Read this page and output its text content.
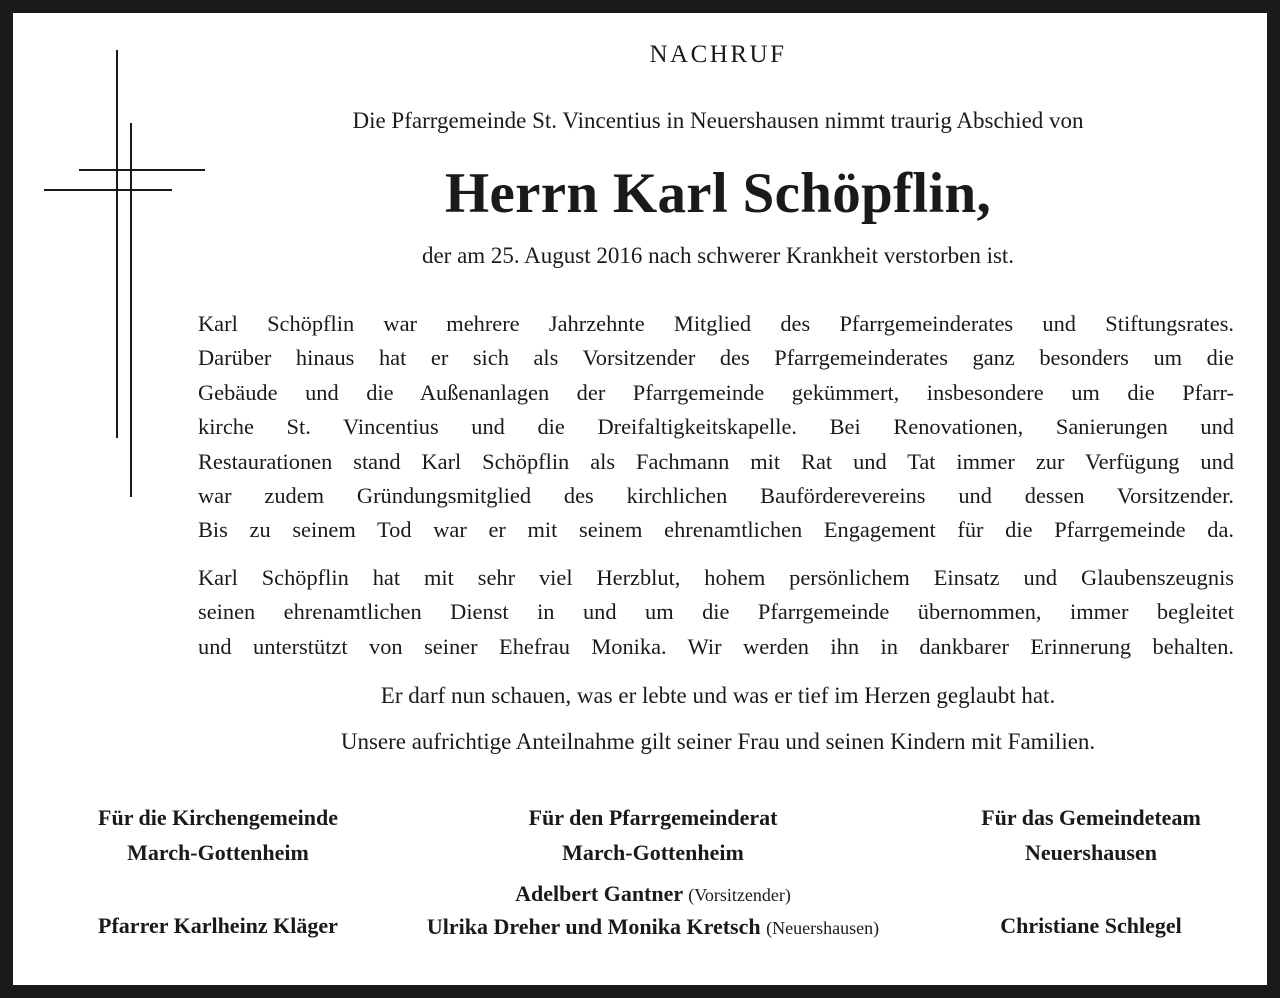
NACHRUF
Die Pfarrgemeinde St. Vincentius in Neuershausen nimmt traurig Abschied von
Herrn Karl Schöpflin,
der am 25. August 2016 nach schwerer Krankheit verstorben ist.
Karl Schöpflin war mehrere Jahrzehnte Mitglied des Pfarrgemeinderates und Stiftungsrates.
Darüber hinaus hat er sich als Vorsitzender des Pfarrgemeinderates ganz besonders um die
Gebäude und die Außenanlagen der Pfarrgemeinde gekümmert, insbesondere um die Pfarr-
kirche St. Vincentius und die Dreifaltigkeitskapelle. Bei Renovationen, Sanierungen und
Restaurationen stand Karl Schöpflin als Fachmann mit Rat und Tat immer zur Verfügung und
war zudem Gründungsmitglied des kirchlichen Bauförderevereins und dessen Vorsitzender.
Bis zu seinem Tod war er mit seinem ehrenamtlichen Engagement für die Pfarrgemeinde da.
Karl Schöpflin hat mit sehr viel Herzblut, hohem persönlichem Einsatz und Glaubenszeugnis
seinen ehrenamtlichen Dienst in und um die Pfarrgemeinde übernommen, immer begleitet
und unterstützt von seiner Ehefrau Monika. Wir werden ihn in dankbarer Erinnerung behalten.
Er darf nun schauen, was er lebte und was er tief im Herzen geglaubt hat.
Unsere aufrichtige Anteilnahme gilt seiner Frau und seinen Kindern mit Familien.
Für die Kirchengemeinde
March-Gottenheim
Für den Pfarrgemeinderat
March-Gottenheim
Für das Gemeindeteam
Neuershausen
Pfarrer Karlheinz Kläger
Adelbert Gantner (Vorsitzender)
Ulrika Dreher und Monika Kretsch (Neuershausen)	Christiane Schlegel
